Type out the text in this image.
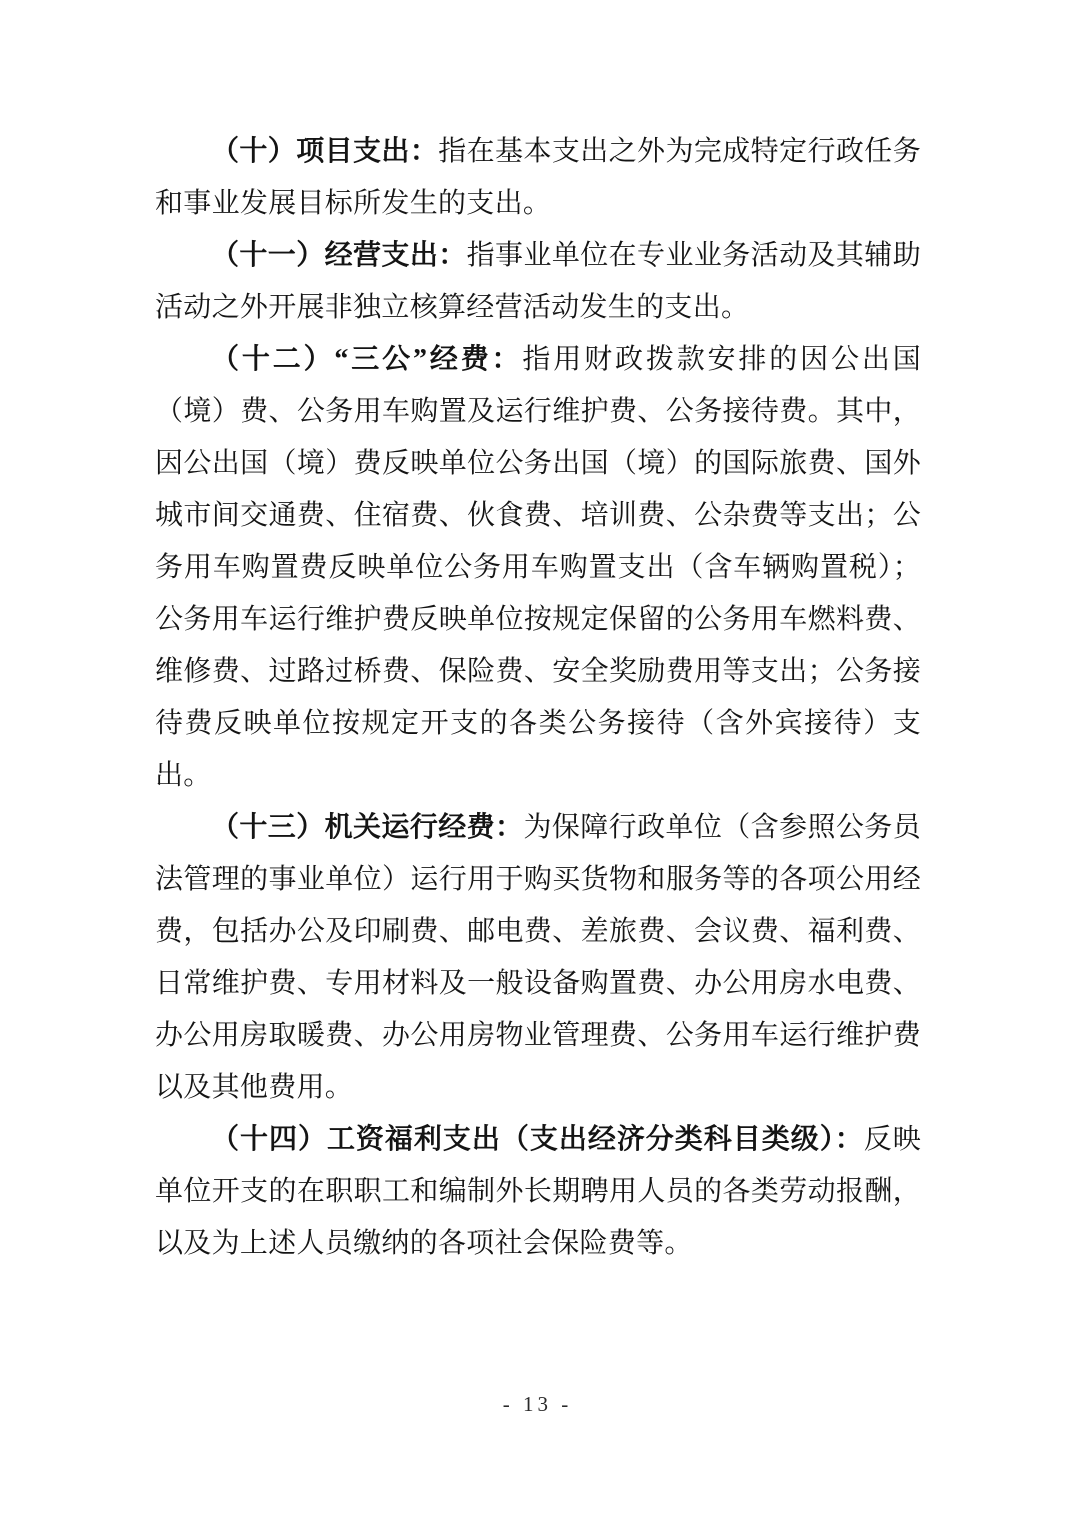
（十）项目支出：指在基本支出之外为完成特定行政任务和事业发展目标所发生的支出。

（十一）经营支出：指事业单位在专业业务活动及其辅助活动之外开展非独立核算经营活动发生的支出。

（十二）“三公”经费：指用财政拨款安排的因公出国（境）费、公务用车购置及运行维护费、公务接待费。其中，因公出国（境）费反映单位公务出国（境）的国际旅费、国外城市间交通费、住宿费、伙食费、培训费、公杂费等支出；公务用车购置费反映单位公务用车购置支出（含车辆购置税）；公务用车运行维护费反映单位按规定保留的公务用车燃料费、维修费、过路过桥费、保险费、安全奖励费用等支出；公务接待费反映单位按规定开支的各类公务接待（含外宾接待）支出。

（十三）机关运行经费：为保障行政单位（含参照公务员法管理的事业单位）运行用于购买货物和服务等的各项公用经费，包括办公及印刷费、邮电费、差旅费、会议费、福利费、日常维护费、专用材料及一般设备购置费、办公用房水电费、办公用房取暖费、办公用房物业管理费、公务用车运行维护费以及其他费用。

（十四）工资福利支出（支出经济分类科目类级）：反映单位开支的在职职工和编制外长期聘用人员的各类劳动报酬，以及为上述人员缴纳的各项社会保险费等。

- 13 -
